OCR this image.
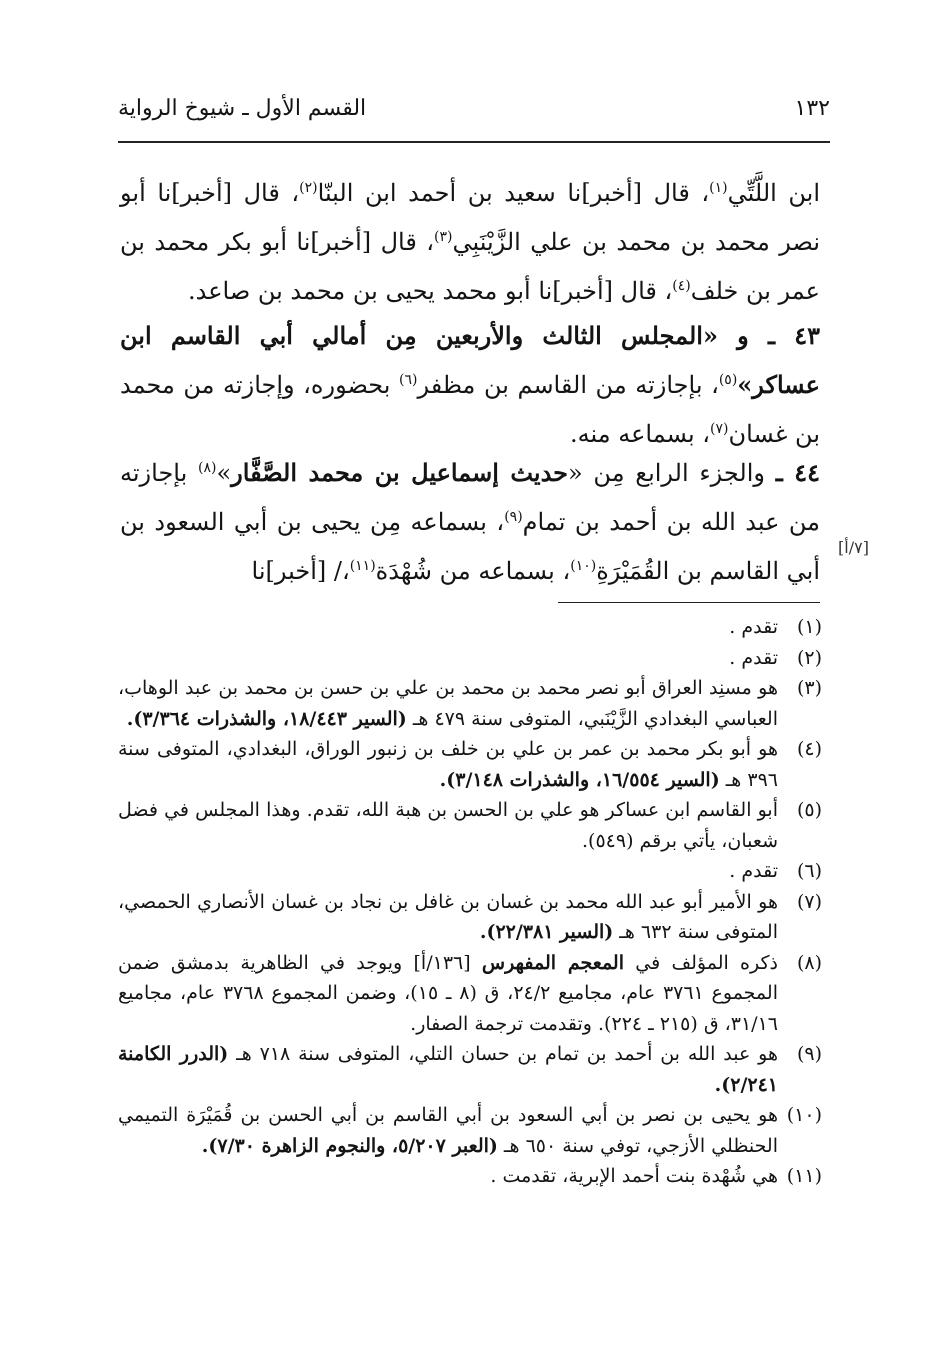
١٣٢
القسم الأول ـ شيوخ الرواية

ابن اللَّتِّي$^{(١)}$، قال [أخبر]نا سعيد بن أحمد ابن البنّا$^{(٢)}$، قال [أخبر]نا أبو نصر محمد بن محمد بن علي الزَّيْنَبِي$^{(٣)}$، قال [أخبر]نا أبو بكر محمد بن عمر بن خلف$^{(٤)}$، قال [أخبر]نا أبو محمد يحيى بن محمد بن صاعد.

٤٣ ـ و «المجلس الثالث والأربعين مِن أمالي أبي القاسم ابن عساكر»$^{(٥)}$، بإجازته من القاسم بن مظفر$^{(٦)}$ بحضوره، وإجازته من محمد بن غسان$^{(٧)}$، بسماعه منه.

٤٤ ـ والجزء الرابع مِن «حديث إسماعيل بن محمد الصَّفَّار»$^{(٨)}$ بإجازته من عبد الله بن أحمد بن تمام$^{(٩)}$، بسماعه مِن يحيى بن أبي السعود بن أبي القاسم بن القُمَيْرَةِ$^{(١٠)}$، بسماعه من شُهْدَة$^{(١١)}$،/ [أخبر]نا

[٧/أ]
(١)
تقدم .
(٢)
تقدم .
(٣)
هو مسنِد العراق أبو نصر محمد بن محمد بن علي بن حسن بن محمد بن عبد الوهاب، العباسي البغدادي الزَّيْنَبي، المتوفى سنة ٤٧٩ هـ (السير ١٨/٤٤٣، والشذرات ٣/٣٦٤).
(٤)
هو أبو بكر محمد بن عمر بن علي بن خلف بن زنبور الوراق، البغدادي، المتوفى سنة ٣٩٦ هـ (السير ١٦/٥٥٤، والشذرات ٣/١٤٨).
(٥)
أبو القاسم ابن عساكر هو علي بن الحسن بن هبة الله، تقدم. وهذا المجلس في فضل شعبان، يأتي برقم (٥٤٩).
(٦)
تقدم .
(٧)
هو الأمير أبو عبد الله محمد بن غسان بن غافل بن نجاد بن غسان الأنصاري الحمصي، المتوفى سنة ٦٣٢ هـ (السير ٢٢/٣٨١).
(٨)
ذكره المؤلف في المعجم المفهرس [١٣٦/أ] ويوجد في الظاهرية بدمشق ضمن المجموع ٣٧٦١ عام، مجاميع ٢٤/٢، ق (٨ ـ ١٥)، وضمن المجموع ٣٧٦٨ عام، مجاميع ٣١/١٦، ق (٢١٥ ـ ٢٢٤). وتقدمت ترجمة الصفار.
(٩)
هو عبد الله بن أحمد بن تمام بن حسان التلي، المتوفى سنة ٧١٨ هـ (الدرر الكامنة ٢/٢٤١).
(١٠)
هو يحيى بن نصر بن أبي السعود بن أبي القاسم بن أبي الحسن بن قُمَيْرَة التميمي الحنظلي الأزجي، توفي سنة ٦٥٠ هـ (العبر ٥/٢٠٧، والنجوم الزاهرة ٧/٣٠).
(١١)
هي شُهْدة بنت أحمد الإبرية، تقدمت .
